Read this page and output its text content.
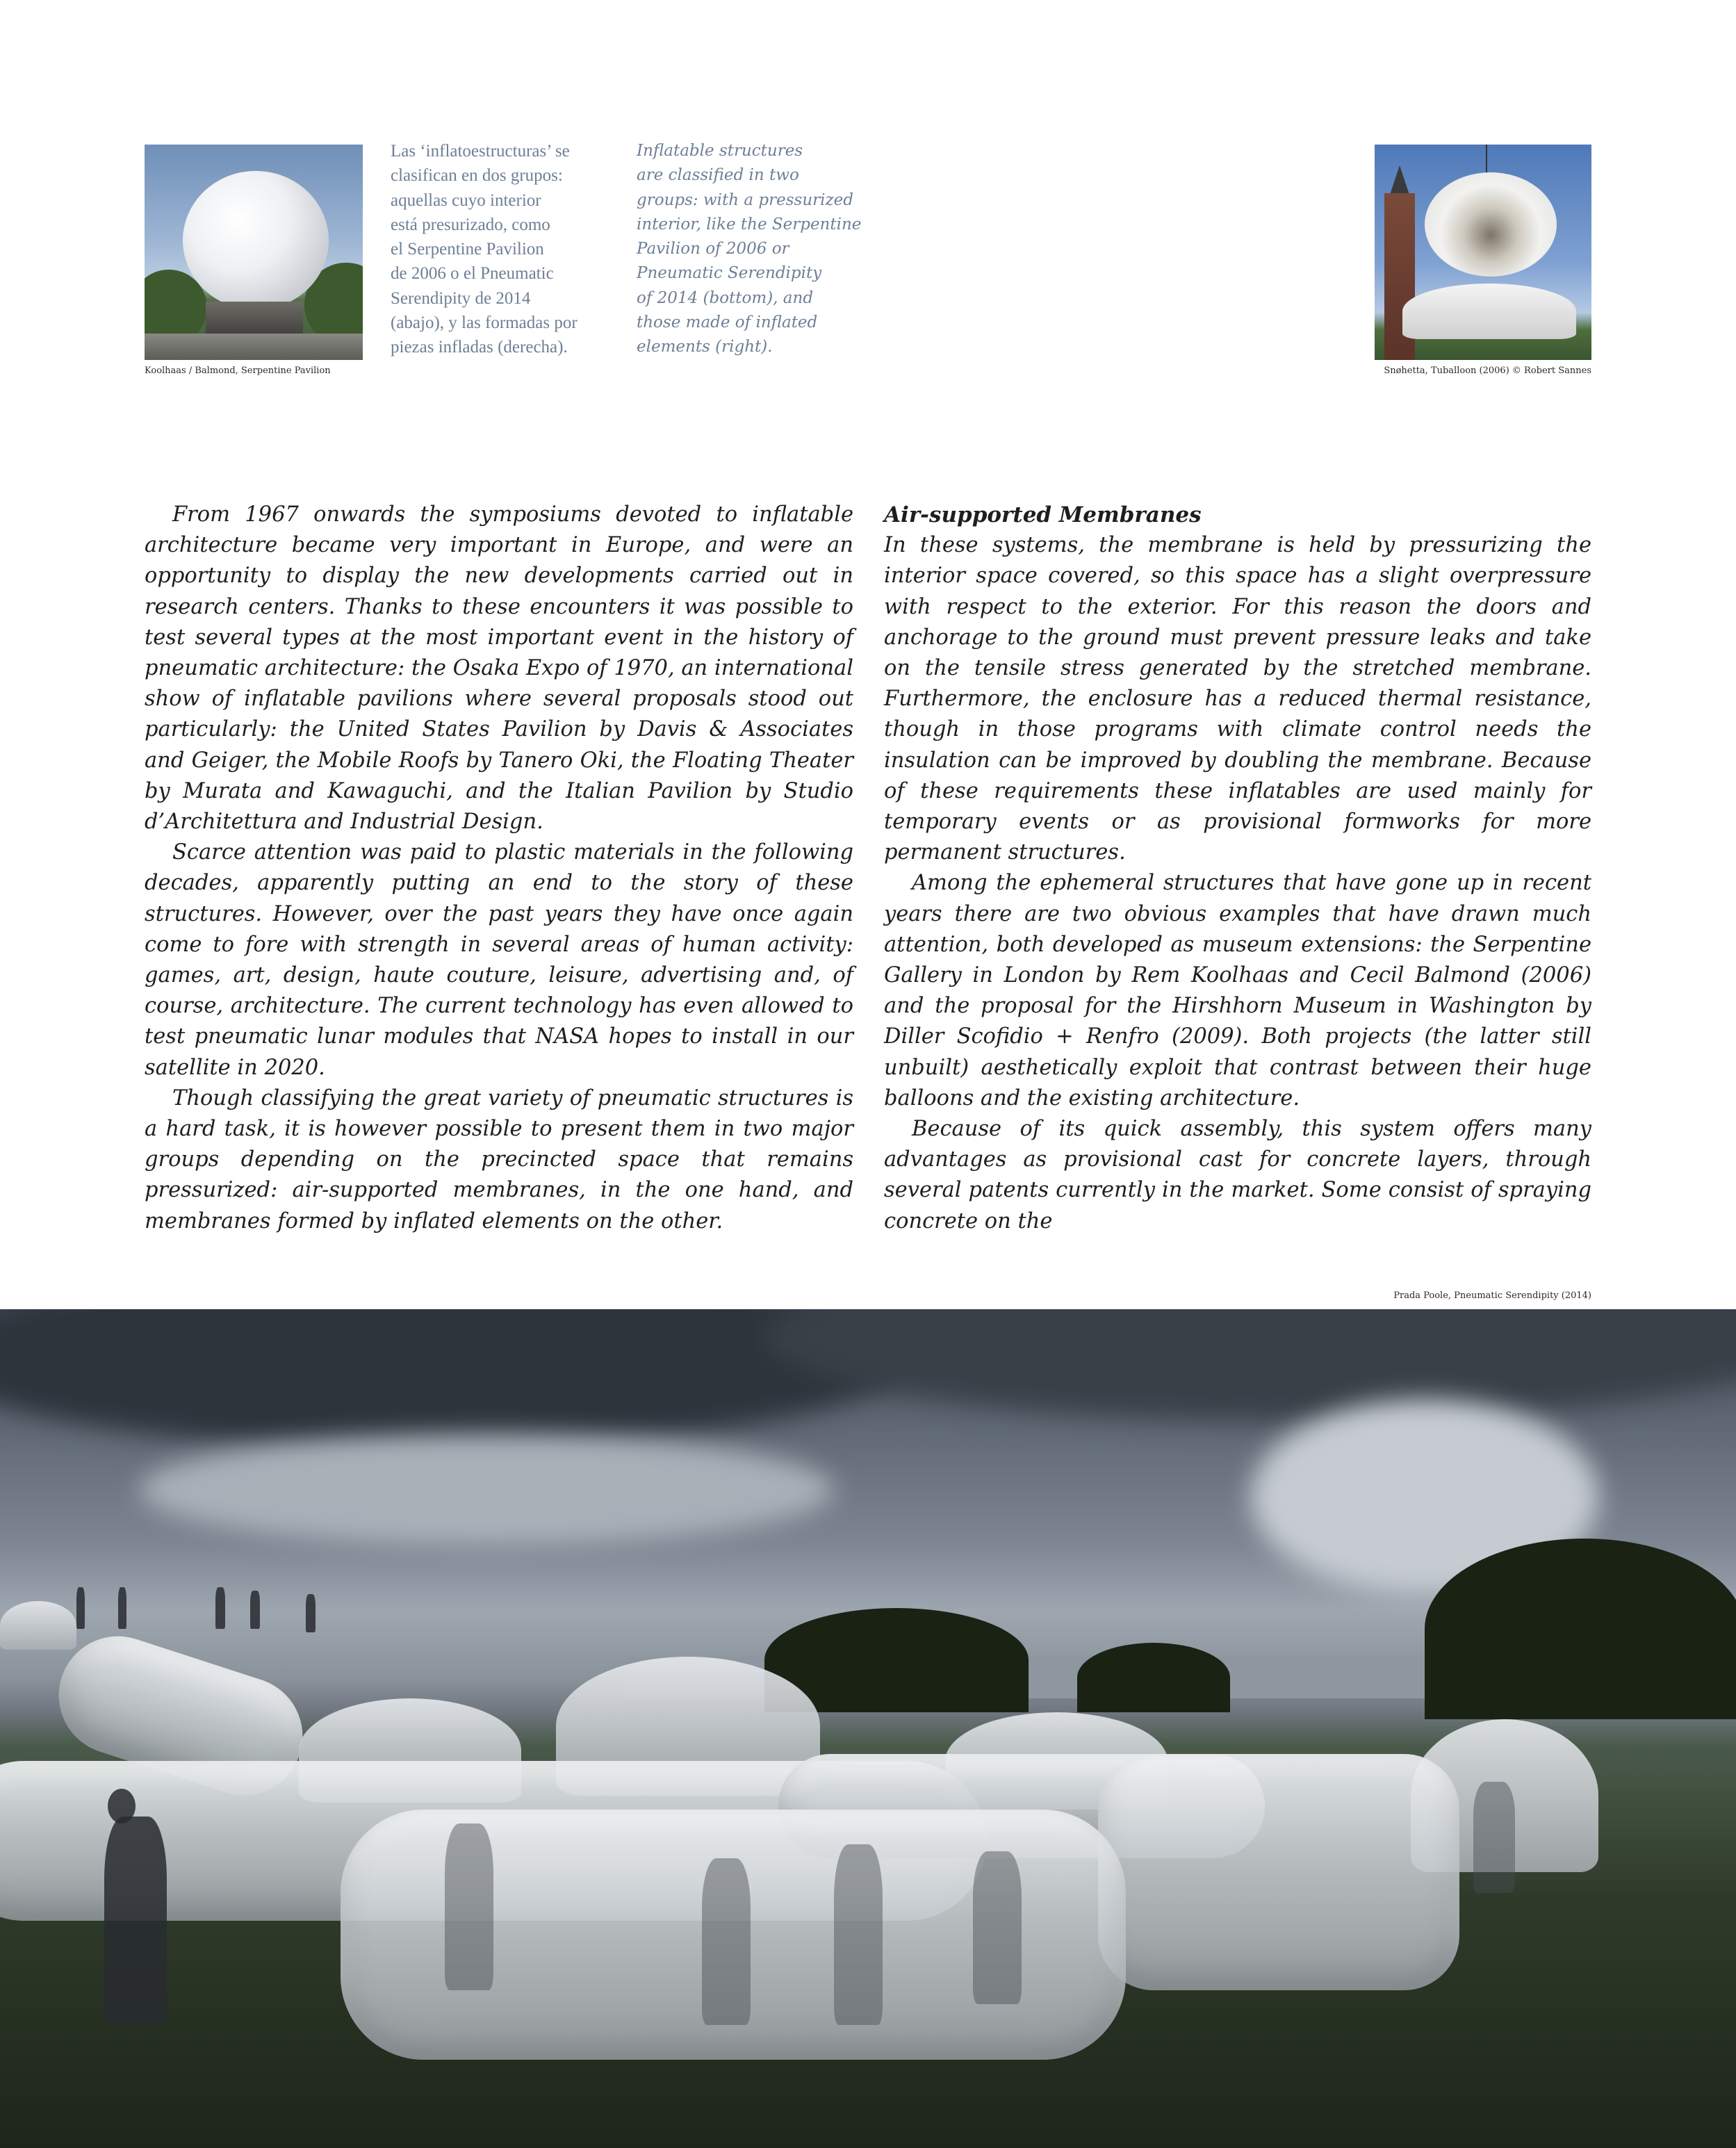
Koolhaas / Balmond, Serpentine Pavilion

Las ‘inflatoestructuras’ se

clasifican en dos grupos:

aquellas cuyo interior

está presurizado, como

el Serpentine Pavilion

de 2006 o el Pneumatic

Serendipity de 2014

(abajo), y las formadas por

piezas infladas (derecha).

Inflatable structures

are classified in two

groups: with a pressurized

interior, like the Serpentine

Pavilion of 2006 or

Pneumatic Serendipity

of 2014 (bottom), and

those made of inflated

elements (right).

Snøhetta, Tuballoon (2006) © Robert Sannes

From 1967 onwards the symposiums devoted to inflatable architecture became very important in Europe, and were an opportunity to display the new developments carried out in research centers. Thanks to these encounters it was possible to test several types at the most important event in the history of pneumatic architecture: the Osaka Expo of 1970, an international show of inflatable pavilions where several proposals stood out particularly: the United States Pavilion by Davis & Associates and Geiger, the Mobile Roofs by Tanero Oki, the Floating Theater by Murata and Kawaguchi, and the Italian Pavilion by Studio d’Architettura and Industrial Design.

Scarce attention was paid to plastic materials in the following decades, apparently putting an end to the story of these structures. However, over the past years they have once again come to fore with strength in several areas of human activity: games, art, design, haute couture, leisure, advertising and, of course, architecture. The current technology has even allowed to test pneumatic lunar modules that NASA hopes to install in our satellite in 2020.

Though classifying the great variety of pneumatic structures is a hard task, it is however possible to present them in two major groups depending on the precincted space that remains pressurized: air-supported membranes, in the one hand, and membranes formed by inflated elements on the other.

Air-supported Membranes

In these systems, the membrane is held by pressurizing the interior space covered, so this space has a slight overpressure with respect to the exterior. For this reason the doors and anchorage to the ground must prevent pressure leaks and take on the tensile stress generated by the stretched membrane. Furthermore, the enclosure has a reduced thermal resistance, though in those programs with climate control needs the insulation can be improved by doubling the membrane. Because of these requirements these inflatables are used mainly for temporary events or as provisional formworks for more permanent structures.

Among the ephemeral structures that have gone up in recent years there are two obvious examples that have drawn much attention, both developed as museum extensions: the Serpentine Gallery in London by Rem Koolhaas and Cecil Balmond (2006) and the proposal for the Hirshhorn Museum in Washington by Diller Scofidio + Renfro (2009). Both projects (the latter still unbuilt) aesthetically exploit that contrast between their huge balloons and the existing architecture.

Because of its quick assembly, this system offers many advantages as provisional cast for concrete layers, through several patents currently in the market. Some consist of spraying concrete on the

Prada Poole, Pneumatic Serendipity (2014)
